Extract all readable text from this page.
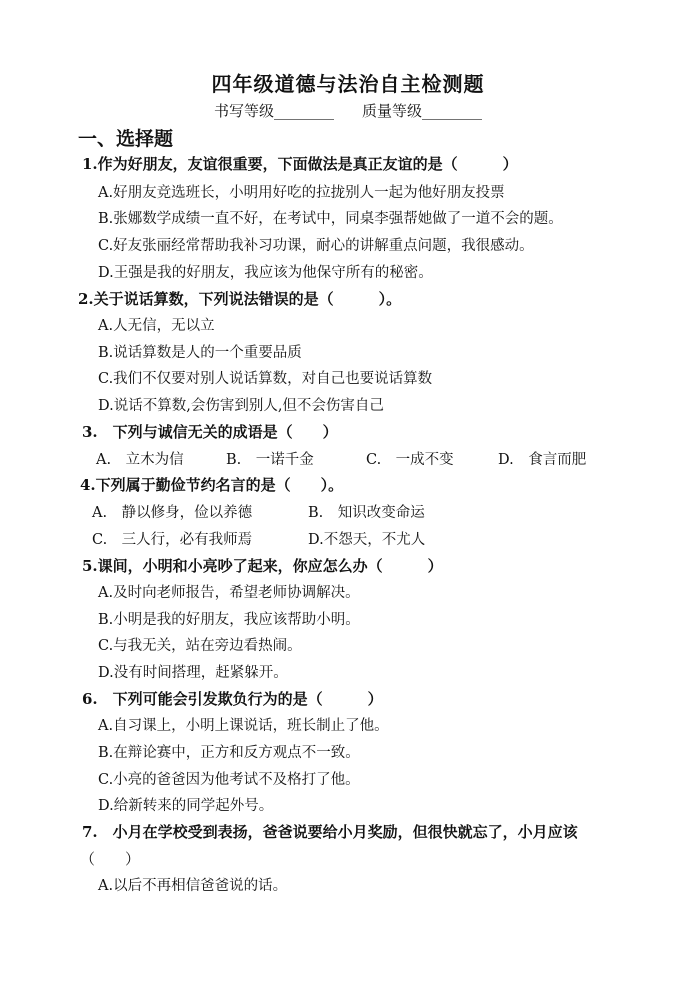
四年级道德与法治自主检测题
书写等级________ 质量等级________
一、选择题
1.作为好朋友，友谊很重要，下面做法是真正友谊的是（　　　）
A.好朋友竞选班长，小明用好吃的拉拢别人一起为他好朋友投票
B.张娜数学成绩一直不好，在考试中，同桌李强帮她做了一道不会的题。
C.好友张丽经常帮助我补习功课，耐心的讲解重点问题，我很感动。
D.王强是我的好朋友，我应该为他保守所有的秘密。
2.关于说话算数，下列说法错误的是（　　　）。
A.人无信，无以立
B.说话算数是人的一个重要品质
C.我们不仅要对别人说话算数，对自己也要说话算数
D.说话不算数,会伤害到别人,但不会伤害自己
3.　下列与诚信无关的成语是（　　）
A.　立木为信	B.　一诺千金	C.　一成不变	D.　食言而肥
4.下列属于勤俭节约名言的是（　　）。
A.　静以修身，俭以养德	B.　知识改变命运
C.　三人行，必有我师焉	D.不怨天，不尤人
5.课间，小明和小亮吵了起来，你应怎么办（　　　）
A.及时向老师报告，希望老师协调解决。
B.小明是我的好朋友，我应该帮助小明。
C.与我无关，站在旁边看热闹。
D.没有时间搭理，赶紧躲开。
6.　下列可能会引发欺负行为的是（　　　）
A.自习课上，小明上课说话，班长制止了他。
B.在辩论赛中，正方和反方观点不一致。
C.小亮的爸爸因为他考试不及格打了他。
D.给新转来的同学起外号。
7.　小月在学校受到表扬，爸爸说要给小月奖励，但很快就忘了，小月应该
（　　）
A.以后不再相信爸爸说的话。
